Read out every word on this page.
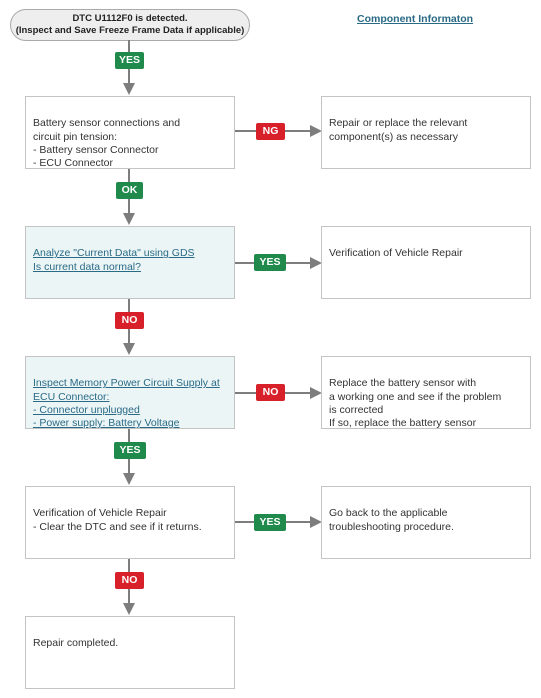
DTC U1112F0 is detected.
(Inspect and Save Freeze Frame Data if applicable)
Component Informaton
YES

Battery sensor connections and
circuit pin tension:
- Battery sensor Connector
- ECU Connector

NG

Repair or replace the relevant
component(s) as necessary

OK

Analyze "Current Data" using GDS
Is current data normal?	YES

Verification of Vehicle Repair

NO

Inspect Memory Power Circuit Supply at
ECU Connector:
- Connector unplugged
- Power supply: Battery Voltage

NO

Replace the battery sensor with
a working one and see if the problem
is corrected
If so, replace the battery sensor

YES

Verification of Vehicle Repair
- Clear the DTC and see if it returns.	YES

Go back to the applicable
troubleshooting procedure.

NO

Repair completed.
